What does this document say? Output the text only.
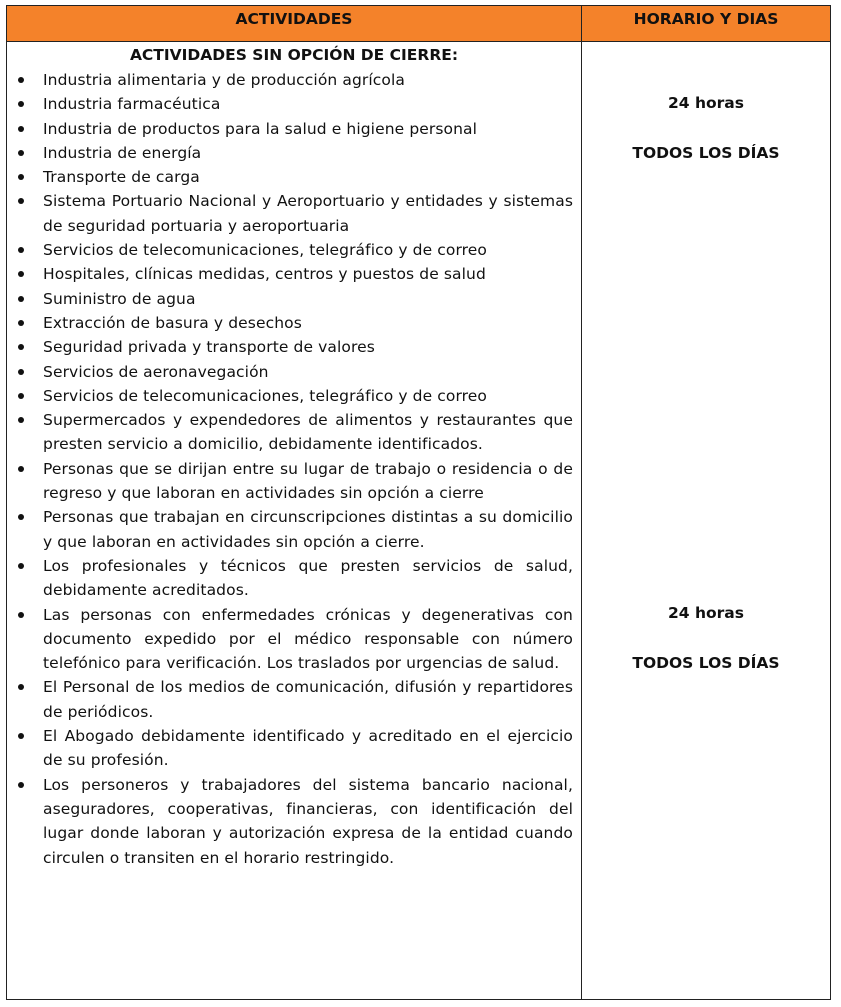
ACTIVIDADES	HORARIO Y DIAS
ACTIVIDADES SIN OPCIÓN DE CIERRE:
Industria alimentaria y de producción agrícola
Industria farmacéutica
Industria de productos para la salud e higiene personal
Industria de energía
Transporte de carga
Sistema Portuario Nacional y Aeroportuario y entidades y sistemas de seguridad portuaria y aeroportuaria
Servicios de telecomunicaciones, telegráfico y de correo
Hospitales, clínicas medidas, centros y puestos de salud
Suministro de agua
Extracción de basura y desechos
Seguridad privada y transporte de valores
Servicios de aeronavegación
Servicios de telecomunicaciones, telegráfico y de correo
Supermercados y expendedores de alimentos y restaurantes que presten servicio a domicilio, debidamente identificados.
Personas que se dirijan entre su lugar de trabajo o residencia o de regreso y que laboran en actividades sin opción a cierre
Personas que trabajan en circunscripciones distintas a su domicilio y que laboran en actividades sin opción a cierre.
Los profesionales y técnicos que presten servicios de salud, debidamente acreditados.
Las personas con enfermedades crónicas y degenerativas con documento expedido por el médico responsable con número telefónico para verificación. Los traslados por urgencias de salud.
El Personal de los medios de comunicación, difusión y repartidores de periódicos.
El Abogado debidamente identificado y acreditado en el ejercicio de su profesión.
Los personeros y trabajadores del sistema bancario nacional, aseguradores, cooperativas, financieras, con identificación del lugar donde laboran y autorización expresa de la entidad cuando circulen o transiten en el horario restringido.
24 horas
TODOS LOS DÍAS
24 horas
TODOS LOS DÍAS
